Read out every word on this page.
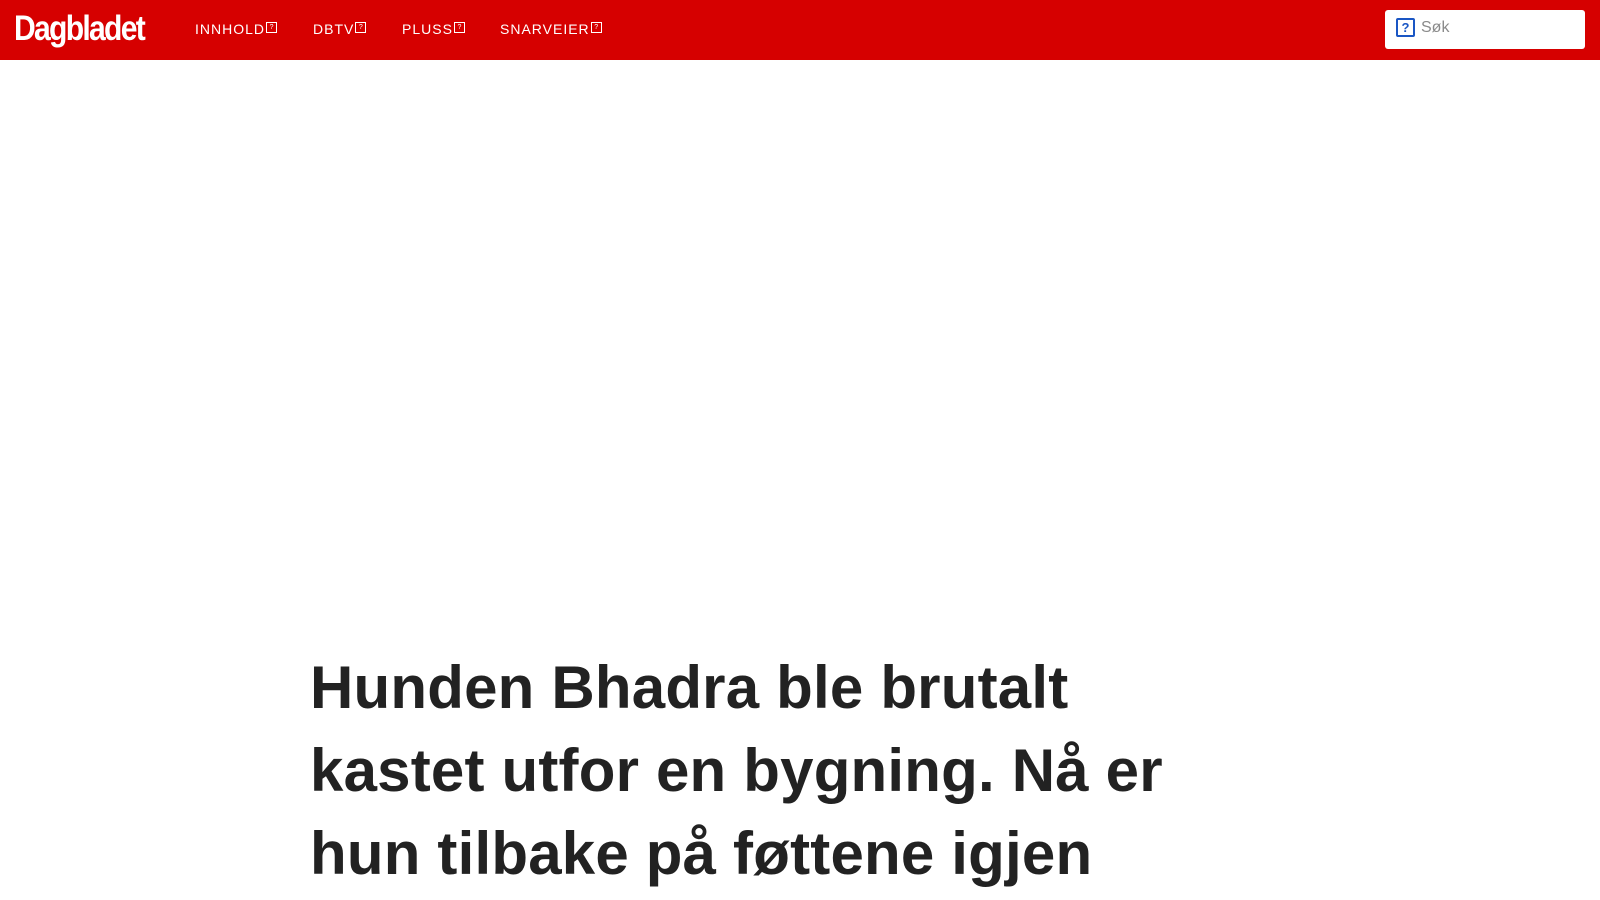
Dagbladet	INNHOLD ?	DBTV ?	PLUSS ?	SNARVEIER ?	?
Søk
Hunden Bhadra ble brutalt kastet utfor en bygning. Nå er hun tilbake på føttene igjen
